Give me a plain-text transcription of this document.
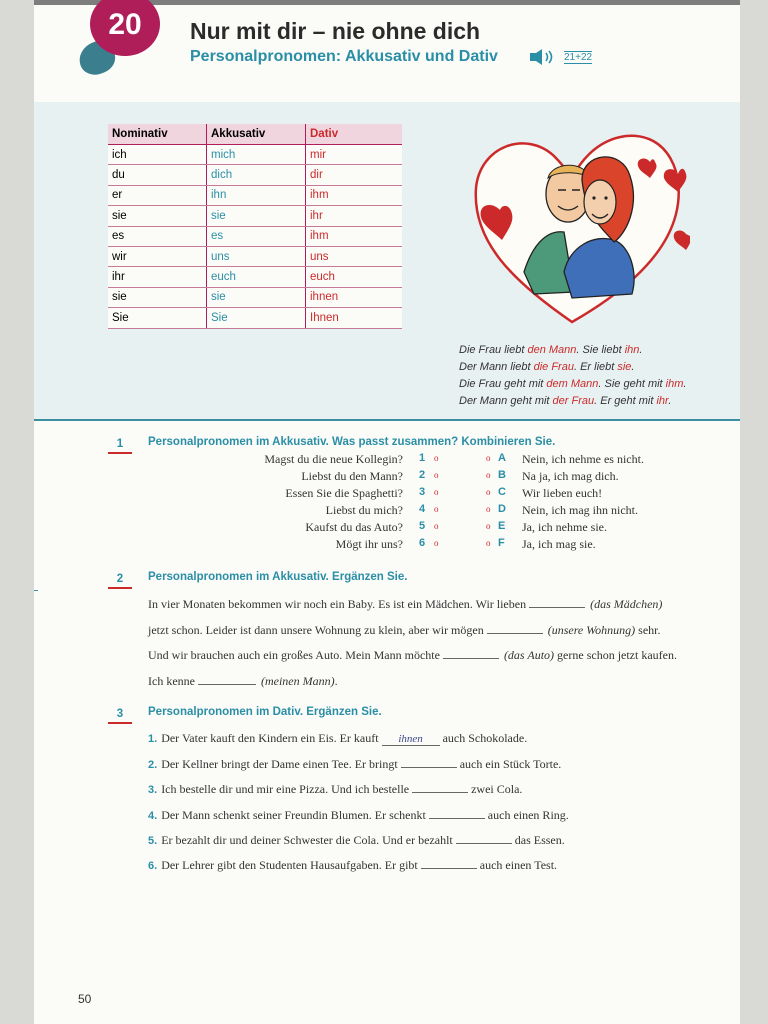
20	Nur mit dir – nie ohne dich
Personalpronomen: Akkusativ und Dativ	21+22
Nominativ	Akkusativ	Dativ
ich	mich	mir
du	dich	dir
er	ihn	ihm
sie	sie	ihr
es	es	ihm
wir	uns	uns
ihr	euch	euch
sie	sie	ihnen
Sie	Sie	Ihnen
Die Frau liebt den Mann. Sie liebt ihn.
Der Mann liebt die Frau. Er liebt sie.
Die Frau geht mit dem Mann. Sie geht mit ihm.
Der Mann geht mit der Frau. Er geht mit ihr.
1	Personalpronomen im Akkusativ. Was passt zusammen? Kombinieren Sie.
Magst du die neue Kollegin? 1 o	o A Nein, ich nehme es nicht.
Liebst du den Mann? 2 o	o B Na ja, ich mag dich.
Essen Sie die Spaghetti? 3 o	o C Wir lieben euch!
Liebst du mich? 4 o	o D Nein, ich mag ihn nicht.
Kaufst du das Auto? 5 o	o E Ja, ich nehme sie.
Mögt ihr uns? 6 o	o F Ja, ich mag sie.
2	Personalpronomen im Akkusativ. Ergänzen Sie.
In vier Monaten bekommen wir noch ein Baby. Es ist ein Mädchen. Wir lieben	(das Mädchen)
jetzt schon. Leider ist dann unsere Wohnung zu klein, aber wir mögen	(unsere Wohnung) sehr.
Und wir brauchen auch ein großes Auto. Mein Mann möchte	(das Auto) gerne schon jetzt kaufen.
Ich kenne	(meinen Mann).
3	Personalpronomen im Dativ. Ergänzen Sie.
1. Der Vater kauft den Kindern ein Eis. Er kauft ihnen auch Schokolade.
2. Der Kellner bringt der Dame einen Tee. Er bringt	auch ein Stück Torte.
3. Ich bestelle dir und mir eine Pizza. Und ich bestelle	zwei Cola.
4. Der Mann schenkt seiner Freundin Blumen. Er schenkt	auch einen Ring.
5. Er bezahlt dir und deiner Schwester die Cola. Und er bezahlt	das Essen.
6. Der Lehrer gibt den Studenten Hausaufgaben. Er gibt	auch einen Test.
50
